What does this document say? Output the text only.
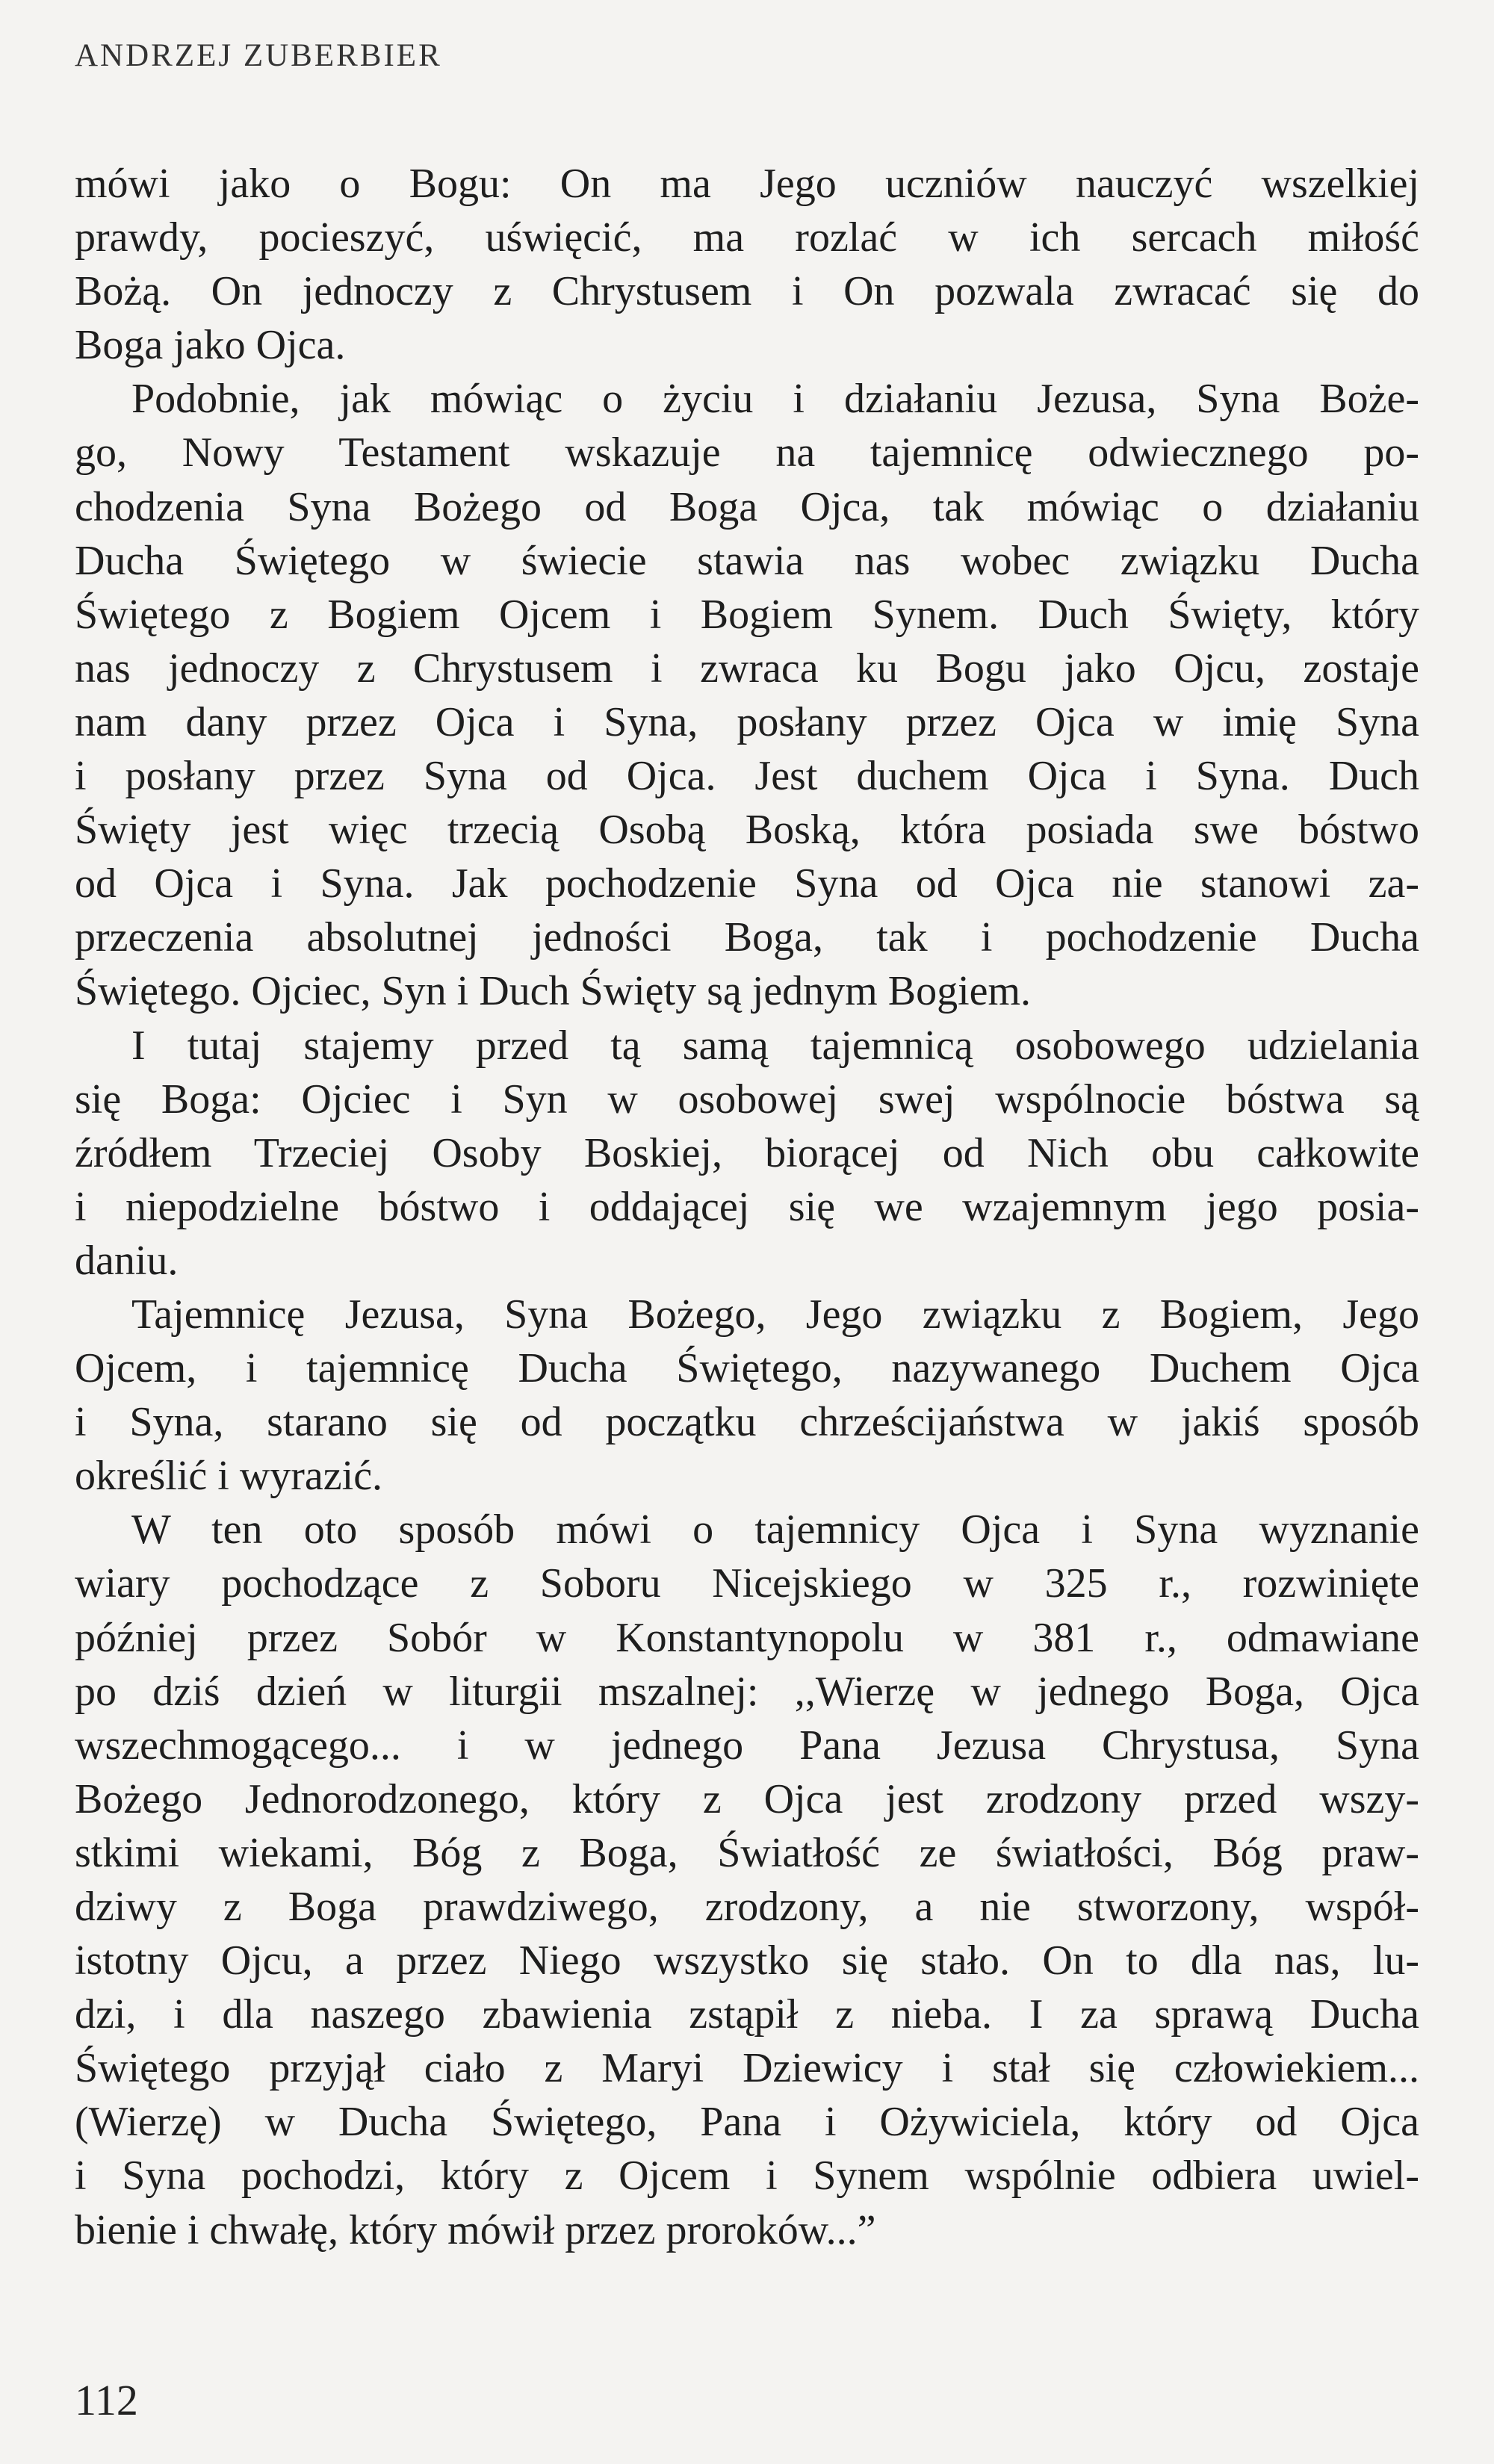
ANDRZEJ ZUBERBIER
mówi jako o Bogu: On ma Jego uczniów nauczyć wszelkiej
prawdy, pocieszyć, uświęcić, ma rozlać w ich sercach miłość
Bożą. On jednoczy z Chrystusem i On pozwala zwracać się do
Boga jako Ojca.
Podobnie, jak mówiąc o życiu i działaniu Jezusa, Syna Boże-
go, Nowy Testament wskazuje na tajemnicę odwiecznego po-
chodzenia Syna Bożego od Boga Ojca, tak mówiąc o działaniu
Ducha Świętego w świecie stawia nas wobec związku Ducha
Świętego z Bogiem Ojcem i Bogiem Synem. Duch Święty, który
nas jednoczy z Chrystusem i zwraca ku Bogu jako Ojcu, zostaje
nam dany przez Ojca i Syna, posłany przez Ojca w imię Syna
i posłany przez Syna od Ojca. Jest duchem Ojca i Syna. Duch
Święty jest więc trzecią Osobą Boską, która posiada swe bóstwo
od Ojca i Syna. Jak pochodzenie Syna od Ojca nie stanowi za-
przeczenia absolutnej jedności Boga, tak i pochodzenie Ducha
Świętego. Ojciec, Syn i Duch Święty są jednym Bogiem.
I tutaj stajemy przed tą samą tajemnicą osobowego udzielania
się Boga: Ojciec i Syn w osobowej swej wspólnocie bóstwa są
źródłem Trzeciej Osoby Boskiej, biorącej od Nich obu całkowite
i niepodzielne bóstwo i oddającej się we wzajemnym jego posia-
daniu.
Tajemnicę Jezusa, Syna Bożego, Jego związku z Bogiem, Jego
Ojcem, i tajemnicę Ducha Świętego, nazywanego Duchem Ojca
i Syna, starano się od początku chrześcijaństwa w jakiś sposób
określić i wyrazić.
W ten oto sposób mówi o tajemnicy Ojca i Syna wyznanie
wiary pochodzące z Soboru Nicejskiego w 325 r., rozwinięte
później przez Sobór w Konstantynopolu w 381 r., odmawiane
po dziś dzień w liturgii mszalnej: ,,Wierzę w jednego Boga, Ojca
wszechmogącego... i w jednego Pana Jezusa Chrystusa, Syna
Bożego Jednorodzonego, który z Ojca jest zrodzony przed wszy-
stkimi wiekami, Bóg z Boga, Światłość ze światłości, Bóg praw-
dziwy z Boga prawdziwego, zrodzony, a nie stworzony, współ-
istotny Ojcu, a przez Niego wszystko się stało. On to dla nas, lu-
dzi, i dla naszego zbawienia zstąpił z nieba. I za sprawą Ducha
Świętego przyjął ciało z Maryi Dziewicy i stał się człowiekiem...
(Wierzę) w Ducha Świętego, Pana i Ożywiciela, który od Ojca
i Syna pochodzi, który z Ojcem i Synem wspólnie odbiera uwiel-
bienie i chwałę, który mówił przez proroków...”
112
